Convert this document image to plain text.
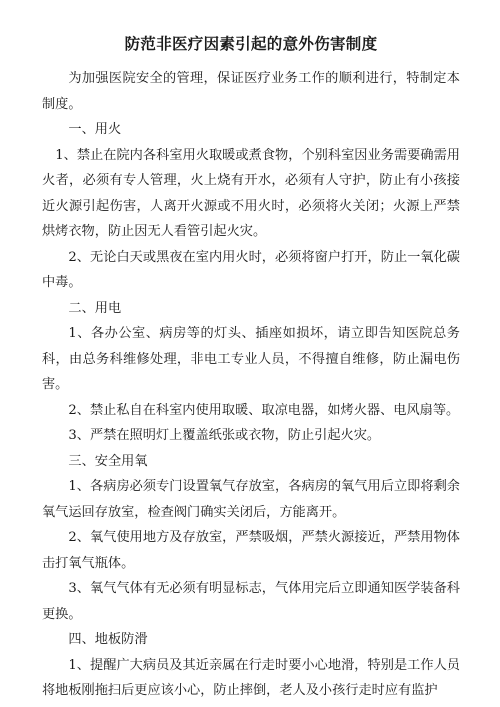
防范非医疗因素引起的意外伤害制度

为加强医院安全的管理，保证医疗业务工作的顺利进行，特制定本制度。

一、用火

1、禁止在院内各科室用火取暖或煮食物，个别科室因业务需要确需用火者，必须有专人管理，火上烧有开水，必须有人守护，防止有小孩接近火源引起伤害，人离开火源或不用火时，必须将火关闭；火源上严禁烘烤衣物，防止因无人看管引起火灾。

2、无论白天或黑夜在室内用火时，必须将窗户打开，防止一氧化碳中毒。

二、用电

1、各办公室、病房等的灯头、插座如损坏，请立即告知医院总务科，由总务科维修处理，非电工专业人员，不得擅自维修，防止漏电伤害。

2、禁止私自在科室内使用取暖、取凉电器，如烤火器、电风扇等。

3、严禁在照明灯上覆盖纸张或衣物，防止引起火灾。

三、安全用氧

1、各病房必须专门设置氧气存放室，各病房的氧气用后立即将剩余氧气运回存放室，检查阀门确实关闭后，方能离开。

2、氧气使用地方及存放室，严禁吸烟，严禁火源接近，严禁用物体击打氧气瓶体。

3、氧气气体有无必须有明显标志，气体用完后立即通知医学装备科更换。

四、地板防滑

1、提醒广大病员及其近亲属在行走时要小心地滑，特别是工作人员将地板刚拖扫后更应该小心，防止摔倒，老人及小孩行走时应有监护
